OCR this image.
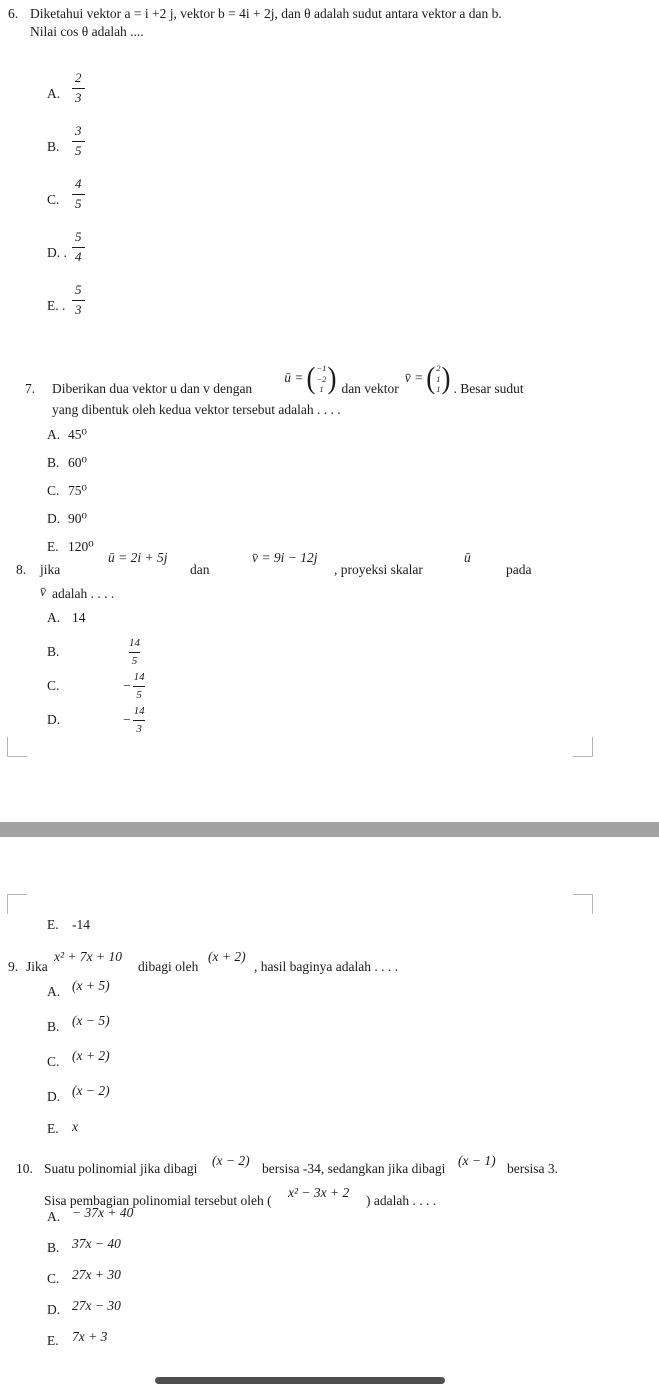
6. Diketahui vektor a = i +2 j, vektor b = 4i + 2j, dan θ adalah sudut antara vektor a dan b.
Nilai cos θ adalah ....
A. $\frac{2}{3}$
B. $\frac{3}{5}$
C. $\frac{4}{5}$
D. . $\frac{5}{4}$
E. . $\frac{5}{3}$
7.	Diberikan dua vektor u dan v dengan
ū = ( −1
−2
1 ) dan vektor
v̄ = ( 2
1
1 ) . Besar sudut
yang dibentuk oleh kedua vektor tersebut adalah . . . .
A. 45⁰
B. 60⁰
C. 75⁰
D. 90⁰
E. 120⁰
8. jika
ū = 2i + 5j
dan
v̄ = 9i − 12j
, proyeksi skalar
ū
pada
v̄ adalah . . . .
A. 14
B.	$\frac{14}{5}$
C.	− $\frac{14}{5}$
D.	− $\frac{14}{3}$
E. -14
9. Jika
x² + 7x + 10
dibagi oleh
(x + 2)
, hasil baginya adalah . . . .
A. (x + 5)
B. (x − 5)
C. (x + 2)
D. (x − 2)
E. x
10. Suatu polinomial jika dibagi
(x − 2)
bersisa -34, sedangkan jika dibagi
(x − 1)
bersisa 3.
Sisa pembagian polinomial tersebut oleh (
x² − 3x + 2
) adalah . . . .
A. − 37x + 40
B. 37x − 40
C. 27x + 30
D. 27x − 30
E. 7x + 3
